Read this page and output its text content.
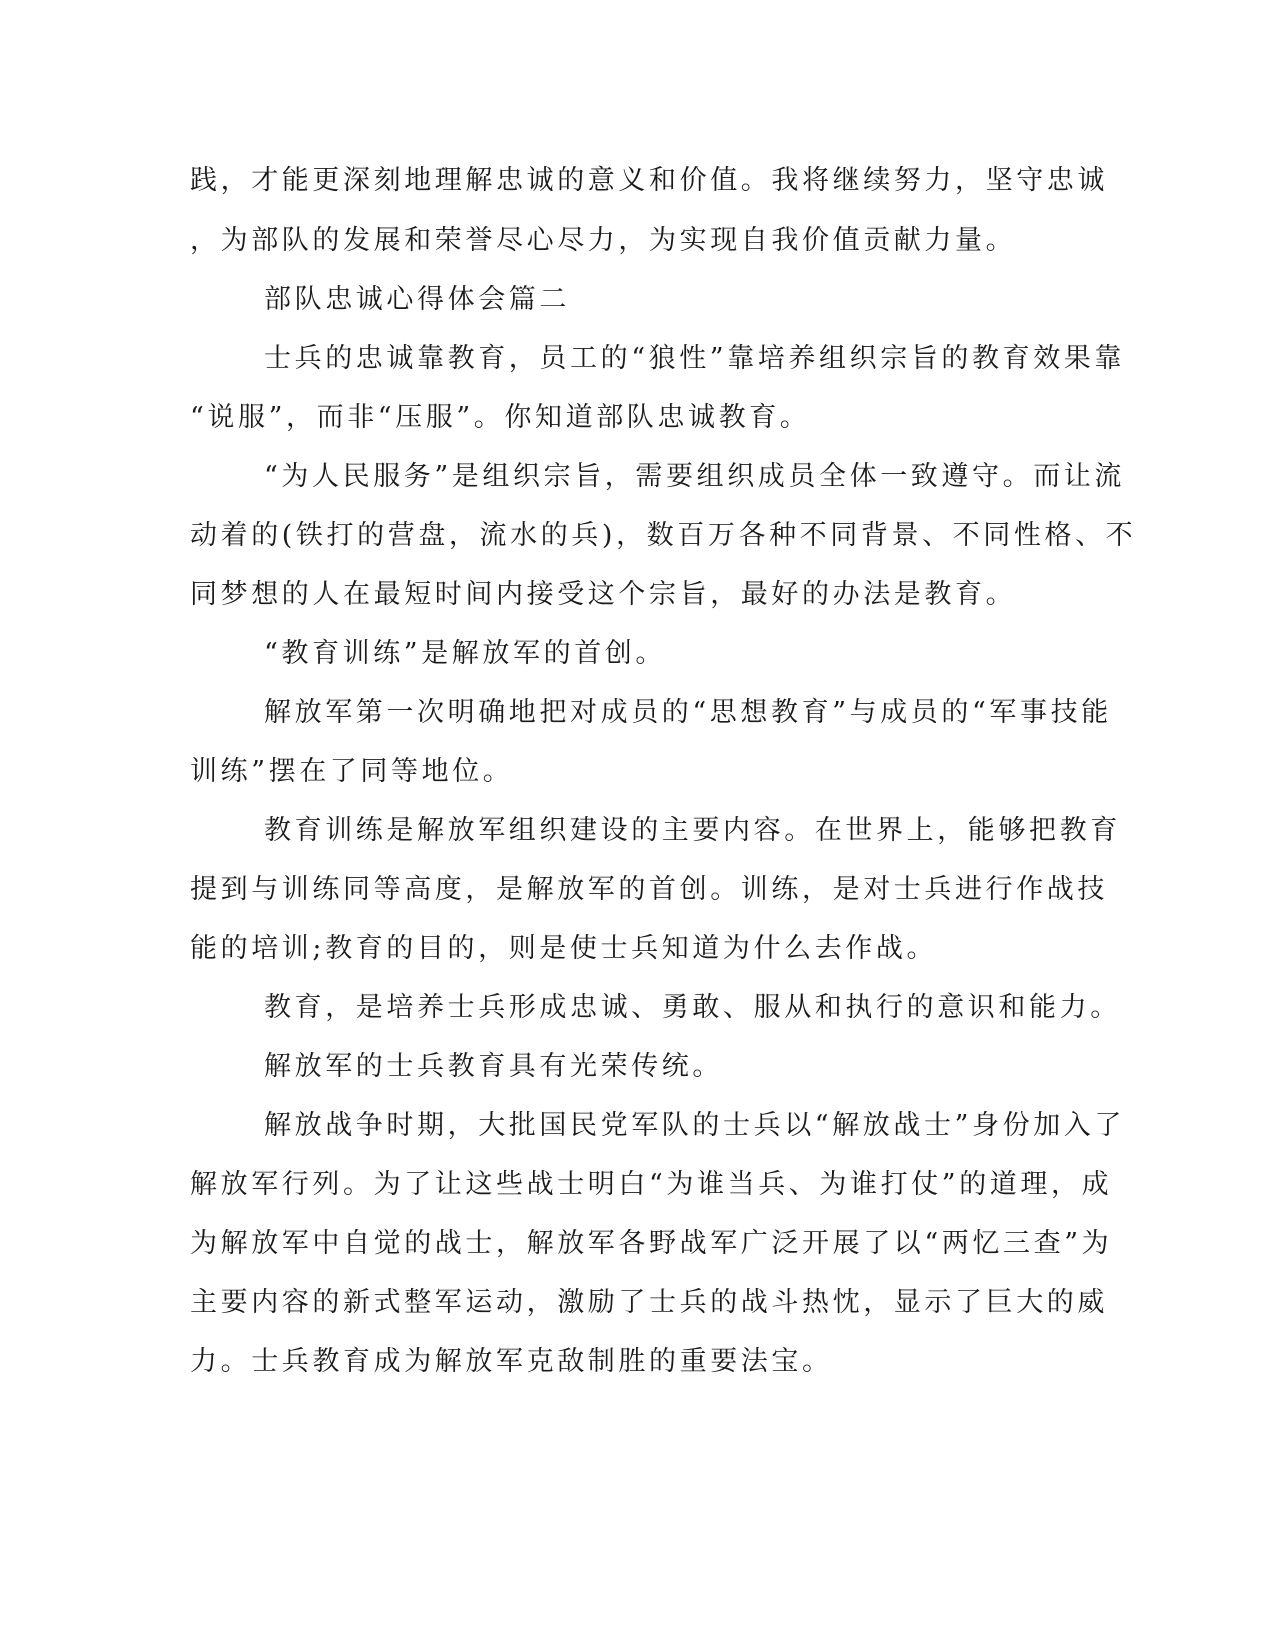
践，才能更深刻地理解忠诚的意义和价值。我将继续努力，坚守忠诚

，为部队的发展和荣誉尽心尽力，为实现自我价值贡献力量。

部队忠诚心得体会篇二

士兵的忠诚靠教育，员工的“狼性”靠培养组织宗旨的教育效果靠

“说服”，而非“压服”。你知道部队忠诚教育。

“为人民服务”是组织宗旨，需要组织成员全体一致遵守。而让流

动着的(铁打的营盘，流水的兵)，数百万各种不同背景、不同性格、不

同梦想的人在最短时间内接受这个宗旨，最好的办法是教育。

“教育训练”是解放军的首创。

解放军第一次明确地把对成员的“思想教育”与成员的“军事技能

训练”摆在了同等地位。

教育训练是解放军组织建设的主要内容。在世界上，能够把教育

提到与训练同等高度，是解放军的首创。训练，是对士兵进行作战技

能的培训;教育的目的，则是使士兵知道为什么去作战。

教育，是培养士兵形成忠诚、勇敢、服从和执行的意识和能力。

解放军的士兵教育具有光荣传统。

解放战争时期，大批国民党军队的士兵以“解放战士”身份加入了

解放军行列。为了让这些战士明白“为谁当兵、为谁打仗”的道理，成

为解放军中自觉的战士，解放军各野战军广泛开展了以“两忆三查”为

主要内容的新式整军运动，激励了士兵的战斗热忱，显示了巨大的威

力。士兵教育成为解放军克敌制胜的重要法宝。
